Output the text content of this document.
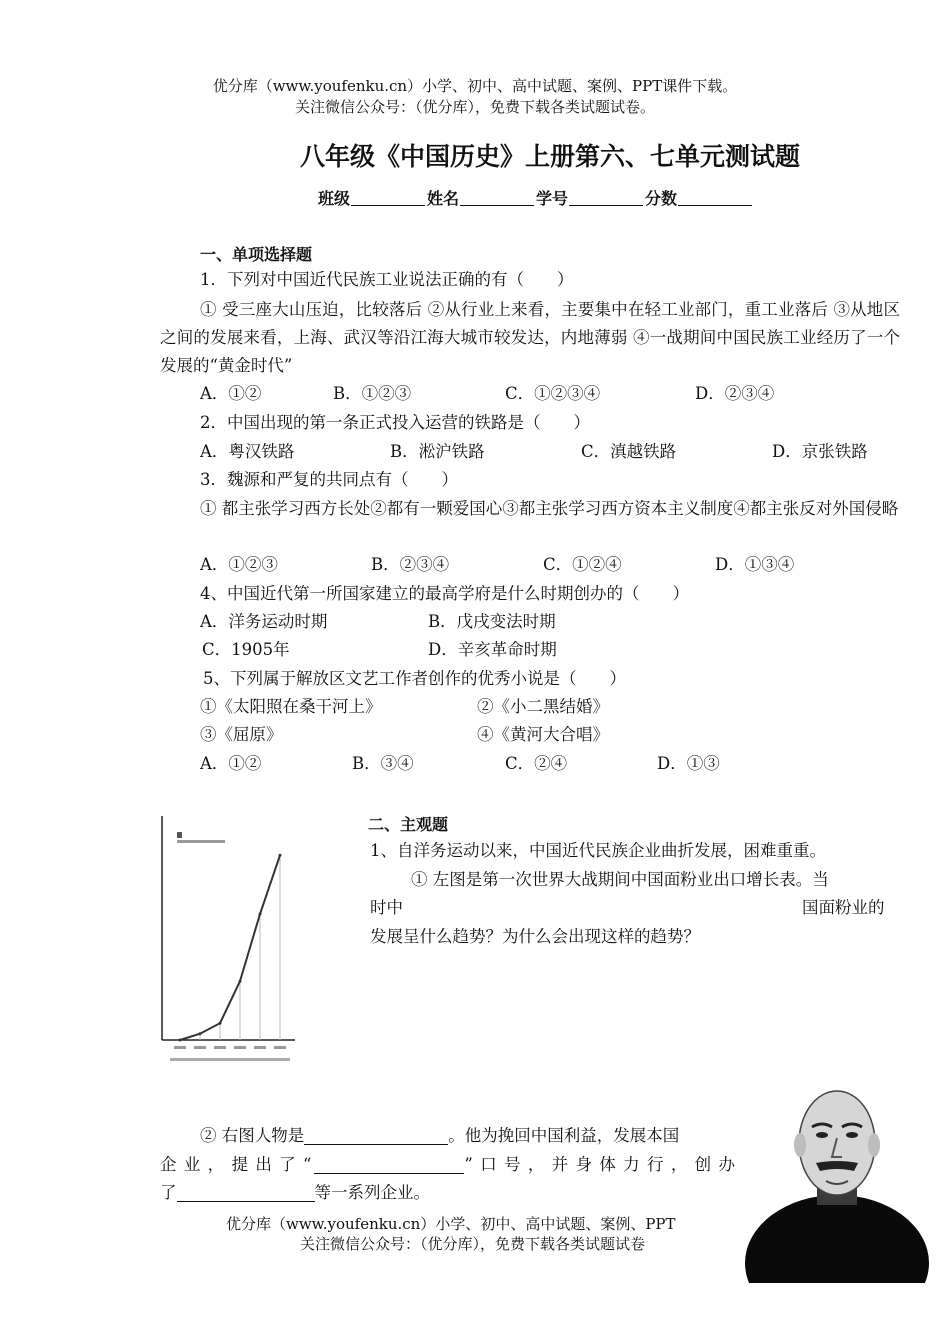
优分库（www.youfenku.cn）小学、初中、高中试题、案例、PPT课件下载。
关注微信公众号：（优分库），免费下载各类试题试卷。
八年级《中国历史》上册第六、七单元测试题
班级	姓名	学号	分数
一、单项选择题
1．下列对中国近代民族工业说法正确的有（　　）
① 受三座大山压迫，比较落后 ②从行业上来看，主要集中在轻工业部门，重工业落后 ③从地区之间的发展来看，上海、武汉等沿江海大城市较发达，内地薄弱 ④一战期间中国民族工业经历了一个发展的“黄金时代”
A．①②	B．①②③	C．①②③④	D．②③④
2．中国出现的第一条正式投入运营的铁路是（　　）
A．粤汉铁路	B．淞沪铁路	C．滇越铁路	D．京张铁路
3．魏源和严复的共同点有（　　）
① 都主张学习西方长处②都有一颗爱国心③都主张学习西方资本主义制度④都主张反对外国侵略
A．①②③	B．②③④	C．①②④	D．①③④
4、中国近代第一所国家建立的最高学府是什么时期创办的（　　）
A．洋务运动时期	B．戊戌变法时期
C．1905年	D．辛亥革命时期
5、下列属于解放区文艺工作者创作的优秀小说是（　　）
①《太阳照在桑干河上》	②《小二黑结婚》
③《屈原》	④《黄河大合唱》
A．①②	B．③④	C．②④	D．①③
二、主观题
1、自洋务运动以来，中国近代民族企业曲折发展，困难重重。
① 左图是第一次世界大战期间中国面粉业出口增长表。当
时中	国面粉业的
发展呈什么趋势？为什么会出现这样的趋势？
② 右图人物是	。他为挽回中国利益，发展本国
企业，提出了“	”口号，并身体力行，创办
了	等一系列企业。
优分库（www.youfenku.cn）小学、初中、高中试题、案例、PPT
关注微信公众号：（优分库），免费下载各类试题试卷
